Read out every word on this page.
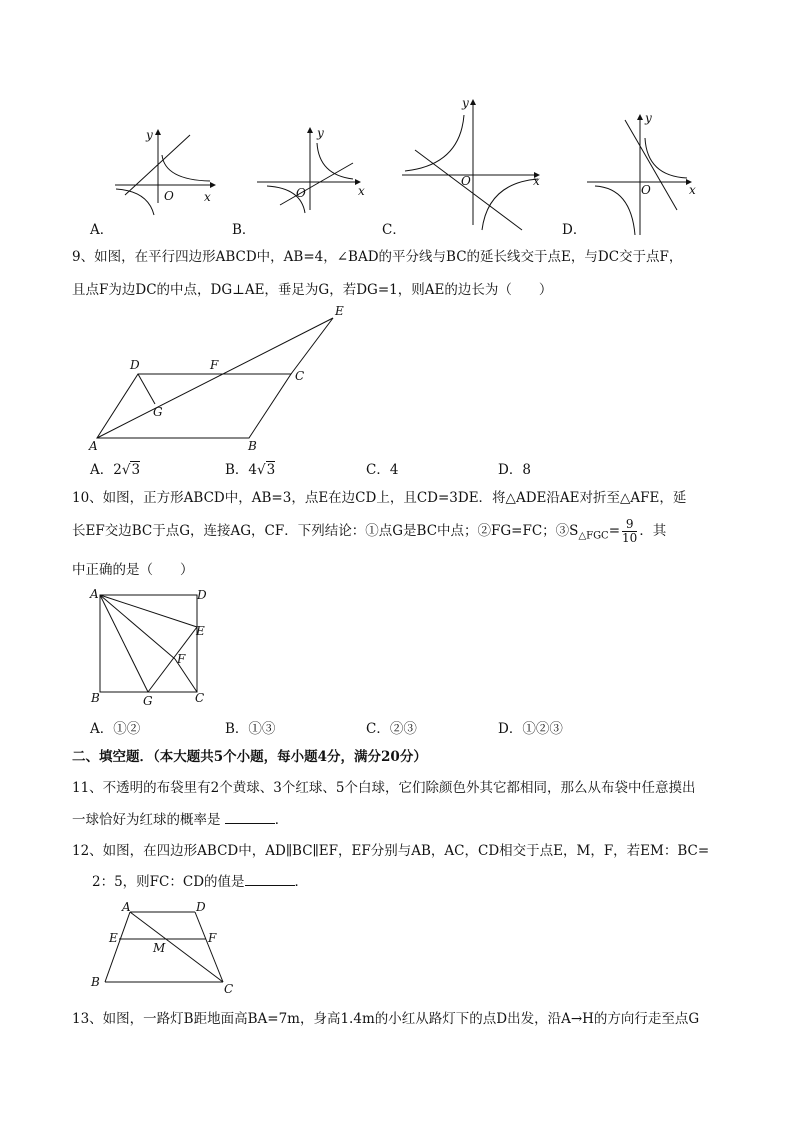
y
O	x
A．
y
O	x
B．
y
O	x
C．
y
O	x
D．
9、如图，在平行四边形ABCD中，AB=4，∠BAD的平分线与BC的延长线交于点E，与DC交于点F，
且点F为边DC的中点，DG⊥AE，垂足为G，若DG=1，则AE的边长为（　　）
A	B
C
D
E
F
G
A．2√3	B．4√3	C．4	D．8
10、如图，正方形ABCD中，AB=3，点E在边CD上，且CD=3DE．将△ADE沿AE对折至△AFE，延
长EF交边BC于点G，连接AG，CF．下列结论：①点G是BC中点；②FG=FC；$③S_{\triangle FGC}= \frac{9}{10}$ ．其
中正确的是（　　）
A	D
E
F
B	G	C
A．①②	B．①③	C．②③	D．①②③
二、填空题．（本大题共5个小题，每小题4分，满分20分）
11、不透明的布袋里有2个黄球、3个红球、5个白球，它们除颜色外其它都相同，那么从布袋中任意摸出
一球恰好为红球的概率是	．
12、如图，在四边形ABCD中，AD∥BC∥EF，EF分别与AB，AC，CD相交于点E，M，F，若EM：BC=
2：5，则FC：CD的值是	．
A	D
E
M
F
B	C
13、如图，一路灯B距地面高BA=7m，身高1.4m的小红从路灯下的点D出发，沿A→H的方向行走至点G
